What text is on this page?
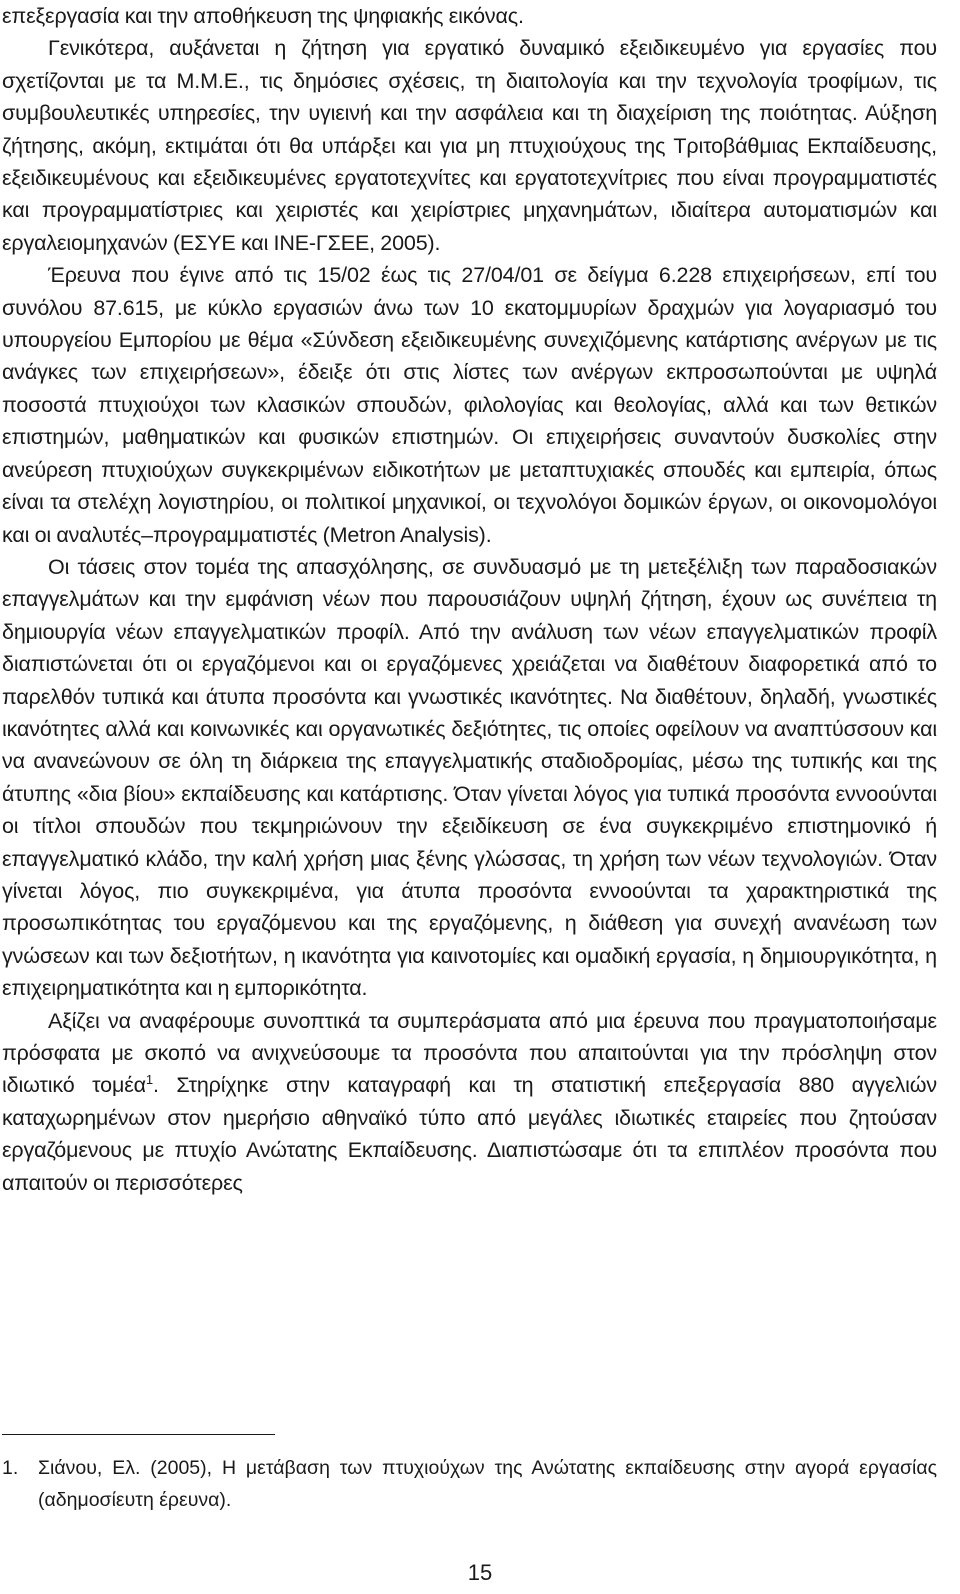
επεξεργασία και την αποθήκευση της ψηφιακής εικόνας.

Γενικότερα, αυξάνεται η ζήτηση για εργατικό δυναμικό εξειδικευμένο για εργασίες που σχετίζονται με τα Μ.Μ.Ε., τις δημόσιες σχέσεις, τη διαιτολογία και την τεχνολογία τροφίμων, τις συμβουλευτικές υπηρεσίες, την υγιεινή και την ασφάλεια και τη διαχείριση της ποιότητας. Αύξηση ζήτησης, ακόμη, εκτιμάται ότι θα υπάρξει και για μη πτυχιούχους της Τριτοβάθμιας Εκπαίδευσης, εξειδικευμένους και εξειδικευμένες εργατοτεχνίτες και εργατοτεχνίτριες που είναι προγραμματιστές και προγραμματίστριες και χειριστές και χειρίστριες μηχανημάτων, ιδιαίτερα αυτοματισμών και εργαλειομηχανών (ΕΣΥΕ και ΙΝΕ-ΓΣΕΕ, 2005).

Έρευνα που έγινε από τις 15/02 έως τις 27/04/01 σε δείγμα 6.228 επιχειρήσεων, επί του συνόλου 87.615, με κύκλο εργασιών άνω των 10 εκατομμυρίων δραχμών για λογαριασμό του υπουργείου Εμπορίου με θέμα «Σύνδεση εξειδικευμένης συνεχιζόμενης κατάρτισης ανέργων με τις ανάγκες των επιχειρήσεων», έδειξε ότι στις λίστες των ανέργων εκπροσωπούνται με υψηλά ποσοστά πτυχιούχοι των κλασικών σπουδών, φιλολογίας και θεολογίας, αλλά και των θετικών επιστημών, μαθηματικών και φυσικών επιστημών. Οι επιχειρήσεις συναντούν δυσκολίες στην ανεύρεση πτυχιούχων συγκεκριμένων ειδικοτήτων με μεταπτυχιακές σπουδές και εμπειρία, όπως είναι τα στελέχη λογιστηρίου, οι πολιτικοί μηχανικοί, οι τεχνολόγοι δομικών έργων, οι οικονομολόγοι και οι αναλυτές–προγραμματιστές (Metron Analysis).

Οι τάσεις στον τομέα της απασχόλησης, σε συνδυασμό με τη μετεξέλιξη των παραδοσιακών επαγγελμάτων και την εμφάνιση νέων που παρουσιάζουν υψηλή ζήτηση, έχουν ως συνέπεια τη δημιουργία νέων επαγγελματικών προφίλ. Από την ανάλυση των νέων επαγγελματικών προφίλ διαπιστώνεται ότι οι εργαζόμενοι και οι εργαζόμενες χρειάζεται να διαθέτουν διαφορετικά από το παρελθόν τυπικά και άτυπα προσόντα και γνωστικές ικανότητες. Να διαθέτουν, δηλαδή, γνωστικές ικανότητες αλλά και κοινωνικές και οργανωτικές δεξιότητες, τις οποίες οφείλουν να αναπτύσσουν και να ανανεώνουν σε όλη τη διάρκεια της επαγγελματικής σταδιοδρομίας, μέσω της τυπικής και της άτυπης «δια βίου» εκπαίδευσης και κατάρτισης. Όταν γίνεται λόγος για τυπικά προσόντα εννοούνται οι τίτλοι σπουδών που τεκμηριώνουν την εξειδίκευση σε ένα συγκεκριμένο επιστημονικό ή επαγγελματικό κλάδο, την καλή χρήση μιας ξένης γλώσσας, τη χρήση των νέων τεχνολογιών. Όταν γίνεται λόγος, πιο συγκεκριμένα, για άτυπα προσόντα εννοούνται τα χαρακτηριστικά της προσωπικότητας του εργαζόμενου και της εργαζόμενης, η διάθεση για συνεχή ανανέωση των γνώσεων και των δεξιοτήτων, η ικανότητα για καινοτομίες και ομαδική εργασία, η δημιουργικότητα, η επιχειρηματικότητα και η εμπορικότητα.

Αξίζει να αναφέρουμε συνοπτικά τα συμπεράσματα από μια έρευνα που πραγματοποιήσαμε πρόσφατα με σκοπό να ανιχνεύσουμε τα προσόντα που απαιτούνται για την πρόσληψη στον ιδιωτικό τομέα$^1$. Στηρίχηκε στην καταγραφή και τη στατιστική επεξεργασία 880 αγγελιών καταχωρημένων στον ημερήσιο αθηναϊκό τύπο από μεγάλες ιδιωτικές εταιρείες που ζητούσαν εργαζόμενους με πτυχίο Ανώτατης Εκπαίδευσης. Διαπιστώσαμε ότι τα επιπλέον προσόντα που απαιτούν οι περισσότερες

1.	Σιάνου, Ελ. (2005), Η μετάβαση των πτυχιούχων της Ανώτατης εκπαίδευσης στην αγορά εργασίας (αδημοσίευτη έρευνα).
15
